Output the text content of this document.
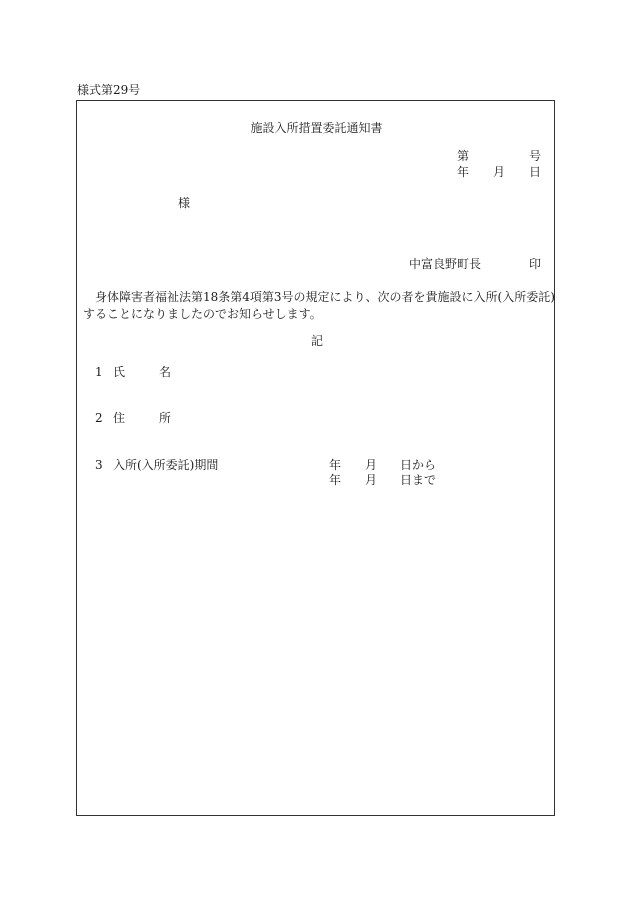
様式第29号
施設入所措置委託通知書
第	号
年 月 日
様
中富良野町長	印
　身体障害者福祉法第18条第4項第3号の規定により、次の者を貴施設に入所(入所委託)
することになりましたのでお知らせします。
記
1 氏	名
2 住	所
3 入所(入所委託)期間	年 月 日から
年 月 日まで
